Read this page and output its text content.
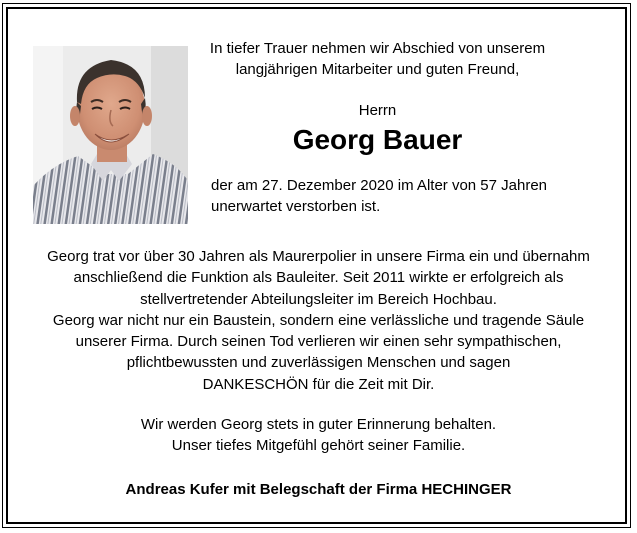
In tiefer Trauer nehmen wir Abschied von unserem
langjährigen Mitarbeiter und guten Freund,
Herrn
Georg Bauer
der am 27. Dezember 2020 im Alter von 57 Jahren
unerwartet verstorben ist.
Georg trat vor über 30 Jahren als Maurerpolier in unsere Firma ein und übernahm
anschließend die Funktion als Bauleiter. Seit 2011 wirkte er erfolgreich als
stellvertretender Abteilungsleiter im Bereich Hochbau.
Georg war nicht nur ein Baustein, sondern eine verlässliche und tragende Säule
unserer Firma. Durch seinen Tod verlieren wir einen sehr sympathischen,
pflichtbewussten und zuverlässigen Menschen und sagen
DANKESCHÖN für die Zeit mit Dir.
Wir werden Georg stets in guter Erinnerung behalten.
Unser tiefes Mitgefühl gehört seiner Familie.
Andreas Kufer mit Belegschaft der Firma HECHINGER
